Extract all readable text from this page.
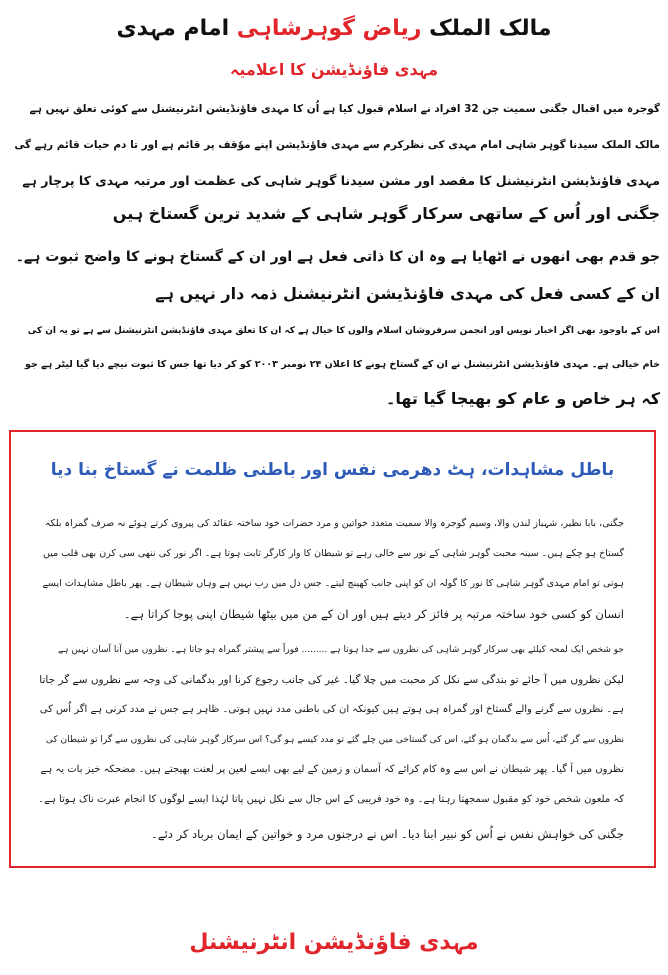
مالک الملک ریاض گوہرشاہی امام مہدی
مہدی فاؤنڈیشن کا اعلامیہ
گوجرہ میں اقبال جگنی سمیت جن 32 افراد نے اسلام قبول کیا ہے اُن کا مہدی فاؤنڈیشن انٹرنیشنل سے کوئی تعلق نہیں ہے
مالک الملک سیدنا گوہر شاہی امام مہدی کی نظرکرم سے مہدی فاؤنڈیشن اپنے موٗقف پر قائم ہے اور تا دم حیات قائم رہے گی
مہدی فاؤنڈیشن انٹرنیشنل کا مقصد اور مشن سیدنا گوہر شاہی کی عظمت اور مرتبہ مہدی کا پرچار ہے
جگنی اور اُس کے ساتھی سرکار گوہر شاہی کے شدید ترین گستاخ ہیں
جو قدم بھی انھوں نے اٹھایا ہے وہ ان کا ذاتی فعل ہے اور ان کے گستاخ ہونے کا واضح ثبوت ہے۔
ان کے کسی فعل کی مہدی فاؤنڈیشن انٹرنیشنل ذمہ دار نہیں ہے
اس کے باوجود بھی اگر اخبار نویس اور انجمن سرفروشان اسلام والوں کا خیال ہے کہ ان کا تعلق مہدی فاؤنڈیشن انٹرنیشنل سے ہے تو یہ ان کی
خام خیالی ہے۔ مہدی فاؤنڈیشن انٹرنیشنل نے ان کے گستاخ ہونے کا اعلان ۲۴ نومبر ۲۰۰۳ کو کر دیا تھا جس کا ثبوت نیچے دیا گیا لیٹر ہے جو
کہ ہر خاص و عام کو بھیجا گیا تھا۔
باطل مشاہدات، ہٹ دھرمی نفس اور باطنی ظلمت نے گستاخ بنا دیا
جگنی، بابا نظیر، شہباز لندن والا، وسیم گوجرہ والا سمیت متعدد خواتین و مرد حضرات خود ساختہ عقائد کی پیروی کرتے ہوئے نہ صرف گمراہ بلکہ
گستاخ ہو چکے ہیں۔ سینہ محبت گوہر شاہی کے نور سے خالی رہے تو شیطان کا وار کارگر ثابت ہوتا ہے۔ اگر نور کی ننھی سی کرن بھی قلب میں
ہوتی تو امام مہدی گوہر شاہی کا نور کا گولہ ان کو اپنی جانب کھینچ لیتے۔ جس دل میں رب نہیں ہے وہاں شیطان ہے۔ پھر باطل مشاہدات ایسے
انسان کو کسی خود ساختہ مرتبہ پر فائز کر دیتے ہیں اور ان کے من میں بیٹھا شیطان اپنی پوجا کراتا ہے۔
جو شخص ایک لمحہ کیلئے بھی سرکار گوہر شاہی کی نظروں سے جدا ہوتا ہے ......... فوراً سے پیشتر گمراہ ہو جاتا ہے۔ نظروں میں آنا آسان نہیں ہے
لیکن نظروں میں آ جائے تو بندگی سے نکل کر محبت میں چلا گیا۔ غیر کی جانب رجوع کرنا اور بدگمانی کی وجہ سے نظروں سے گر جاتا
ہے۔ نظروں سے گرنے والے گستاخ اور گمراہ ہی ہوتے ہیں کیونکہ ان کی باطنی مدد نہیں ہوتی۔ ظاہر ہے جس نے مدد کرنی ہے اگر اُس کی
نظروں سے گر گئے، اُس سے بدگمان ہو گئے، اس کی گستاخی میں چلے گئے تو مدد کیسے ہو گی؟ اس سرکار گوہر شاہی کی نظروں سے گرا تو شیطان کی
نظروں میں آ گیا۔ پھر شیطان نے اس سے وہ کام کرائے کہ آسمان و زمین کے لیے بھی ایسے لعین پر لعنت بھیجتے ہیں۔ مضحکہ خیز بات یہ ہے
کہ ملعون شخص خود کو مقبول سمجھتا رہتا ہے۔ وہ خود فریبی کے اس جال سے نکل نہیں پاتا لہٰذا ایسے لوگوں کا انجام عبرت ناک ہوتا ہے۔
جگنی کی خواہش نفس نے اُس کو نبیر ابنا دیا۔ اس نے درجنوں مرد و خواتین کے ایمان برباد کر دئے۔
مہدی فاؤنڈیشن انٹرنیشنل
